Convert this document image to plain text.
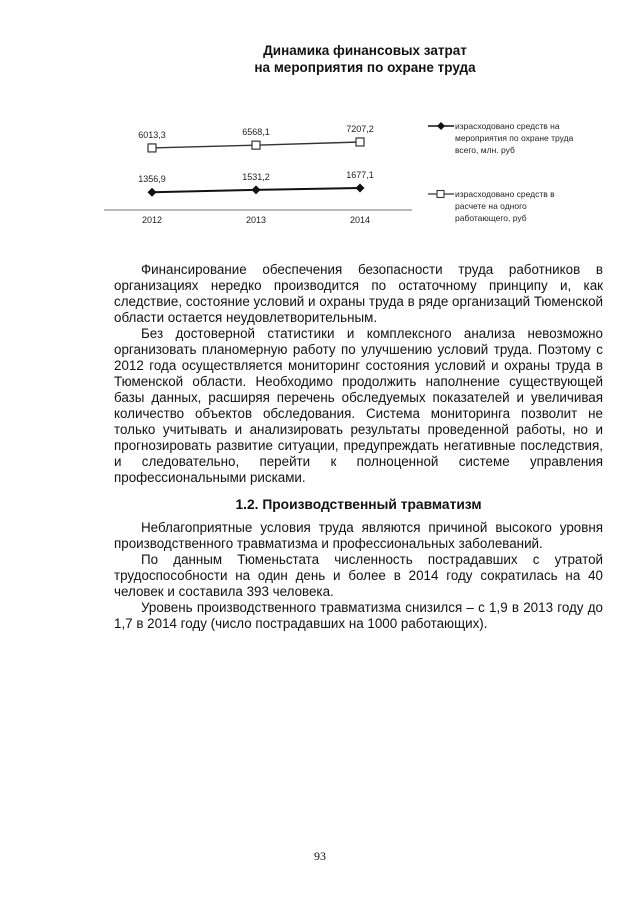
Динамика финансовых затрат
на мероприятия по охране труда
1356,9	1531,2	1677,1
6013,3	6568,1	7207,2
2012	2013	2014
израсходовано средств на
мероприятия по охране труда
всего, млн. руб
израсходовано средств в
расчете на одного
работающего, руб

Финансирование обеспечения безопасности труда работников в организациях нередко производится по остаточному принципу и, как следствие, состояние условий и охраны труда в ряде организаций Тюменской области остается неудовлетворительным.

Без достоверной статистики и комплексного анализа невозможно организовать планомерную работу по улучшению условий труда. Поэтому с 2012 года осуществляется мониторинг состояния условий и охраны труда в Тюменской области. Необходимо продолжить наполнение существующей базы данных, расширяя перечень обследуемых показателей и увеличивая количество объектов обследования. Система мониторинга позволит не только учитывать и анализировать результаты проведенной работы, но и прогнозировать развитие ситуации, предупреждать негативные последствия, и следовательно, перейти к полноценной системе управления профессиональными рисками.

1.2. Производственный травматизм

Неблагоприятные условия труда являются причиной высокого уровня производственного травматизма и профессиональных заболеваний.

По данным Тюменьстата численность пострадавших с утратой трудоспособности на один день и более в 2014 году сократилась на 40 человек и составила 393 человека.

Уровень производственного травматизма снизился – с 1,9 в 2013 году до 1,7 в 2014 году (число пострадавших на 1000 работающих).

93
